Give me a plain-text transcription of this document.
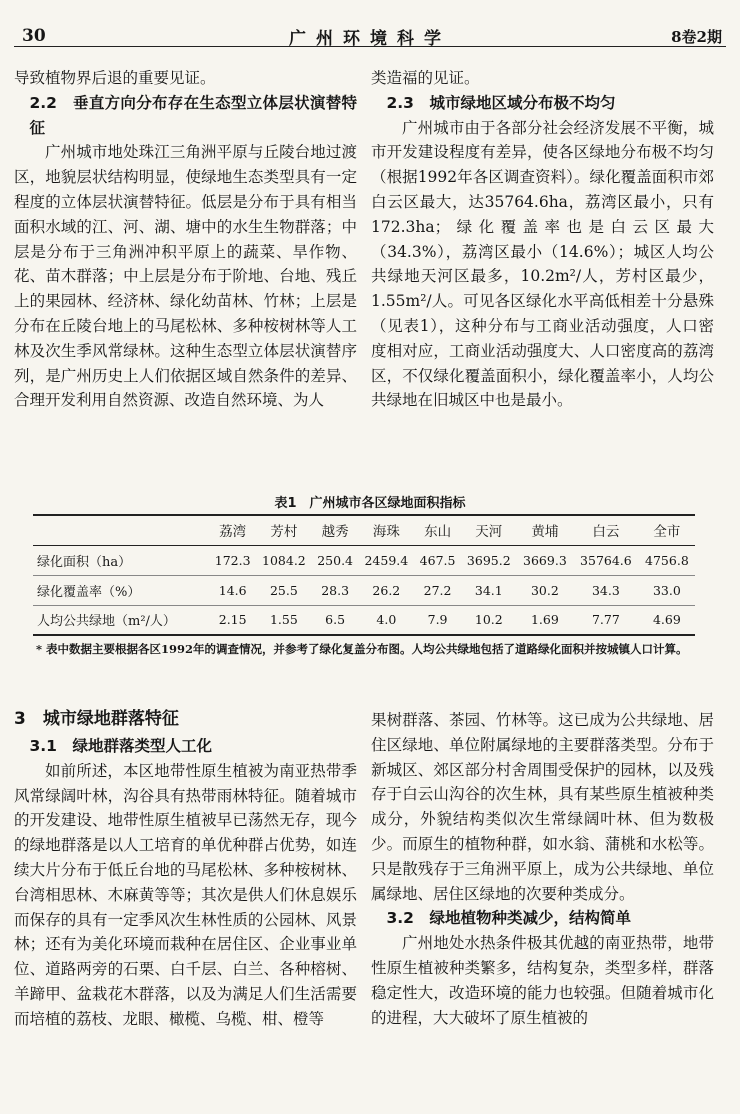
30	广州环境科学	8卷2期

导致植物界后退的重要见证。

2.2　垂直方向分布存在生态型立体层状演替特征

广州城市地处珠江三角洲平原与丘陵台地过渡区，地貌层状结构明显，使绿地生态类型具有一定程度的立体层状演替特征。低层是分布于具有相当面积水域的江、河、湖、塘中的水生生物群落；中层是分布于三角洲冲积平原上的蔬菜、旱作物、花、苗木群落；中上层是分布于阶地、台地、残丘上的果园林、经济林、绿化幼苗林、竹林；上层是分布在丘陵台地上的马尾松林、多种桉树林等人工林及次生季风常绿林。这种生态型立体层状演替序列，是广州历史上人们依据区域自然条件的差异、合理开发利用自然资源、改造自然环境、为人

类造福的见证。

2.3　城市绿地区域分布极不均匀

广州城市由于各部分社会经济发展不平衡，城市开发建设程度有差异，使各区绿地分布极不均匀（根据1992年各区调查资料）。绿化覆盖面积市郊白云区最大，达35764.6ha，荔湾区最小，只有172.3ha；绿化覆盖率也是白云区最大（34.3%），荔湾区最小（14.6%）；城区人均公共绿地天河区最多，10.2m²/人，芳村区最少，1.55m²/人。可见各区绿化水平高低相差十分悬殊（见表1），这种分布与工商业活动强度，人口密度相对应，工商业活动强度大、人口密度高的荔湾区，不仅绿化覆盖面积小，绿化覆盖率小，人均公共绿地在旧城区中也是最小。

表1　广州城市各区绿地面积指标
	荔湾	芳村	越秀	海珠	东山	天河	黄埔	白云	全市
绿化面积（ha）	172.3	1084.2	250.4	2459.4	467.5	3695.2	3669.3	35764.6	4756.8
绿化覆盖率（%）	14.6	25.5	28.3	26.2	27.2	34.1	30.2	34.3	33.0
人均公共绿地（m²/人）	2.15	1.55	6.5	4.0	7.9	10.2	1.69	7.77	4.69
* 表中数据主要根据各区1992年的调查情况，并参考了绿化复盖分布图。人均公共绿地包括了道路绿化面积并按城镇人口计算。

3　城市绿地群落特征

3.1　绿地群落类型人工化

如前所述，本区地带性原生植被为南亚热带季风常绿阔叶林，沟谷具有热带雨林特征。随着城市的开发建设、地带性原生植被早已荡然无存，现今的绿地群落是以人工培育的单优种群占优势，如连续大片分布于低丘台地的马尾松林、多种桉树林、台湾相思林、木麻黄等等；其次是供人们休息娱乐而保存的具有一定季风次生林性质的公园林、风景林；还有为美化环境而栽种在居住区、企业事业单位、道路两旁的石栗、白千层、白兰、各种榕树、羊蹄甲、盆栽花木群落，以及为满足人们生活需要而培植的荔枝、龙眼、橄榄、乌榄、柑、橙等

果树群落、茶园、竹林等。这已成为公共绿地、居住区绿地、单位附属绿地的主要群落类型。分布于新城区、郊区部分村舍周围受保护的园林，以及残存于白云山沟谷的次生林，具有某些原生植被种类成分，外貌结构类似次生常绿阔叶林、但为数极少。而原生的植物种群，如水翁、蒲桃和水松等。只是散残存于三角洲平原上，成为公共绿地、单位属绿地、居住区绿地的次要种类成分。

3.2　绿地植物种类减少，结构简单

广州地处水热条件极其优越的南亚热带，地带性原生植被种类繁多，结构复杂，类型多样，群落稳定性大，改造环境的能力也较强。但随着城市化的进程，大大破坏了原生植被的
